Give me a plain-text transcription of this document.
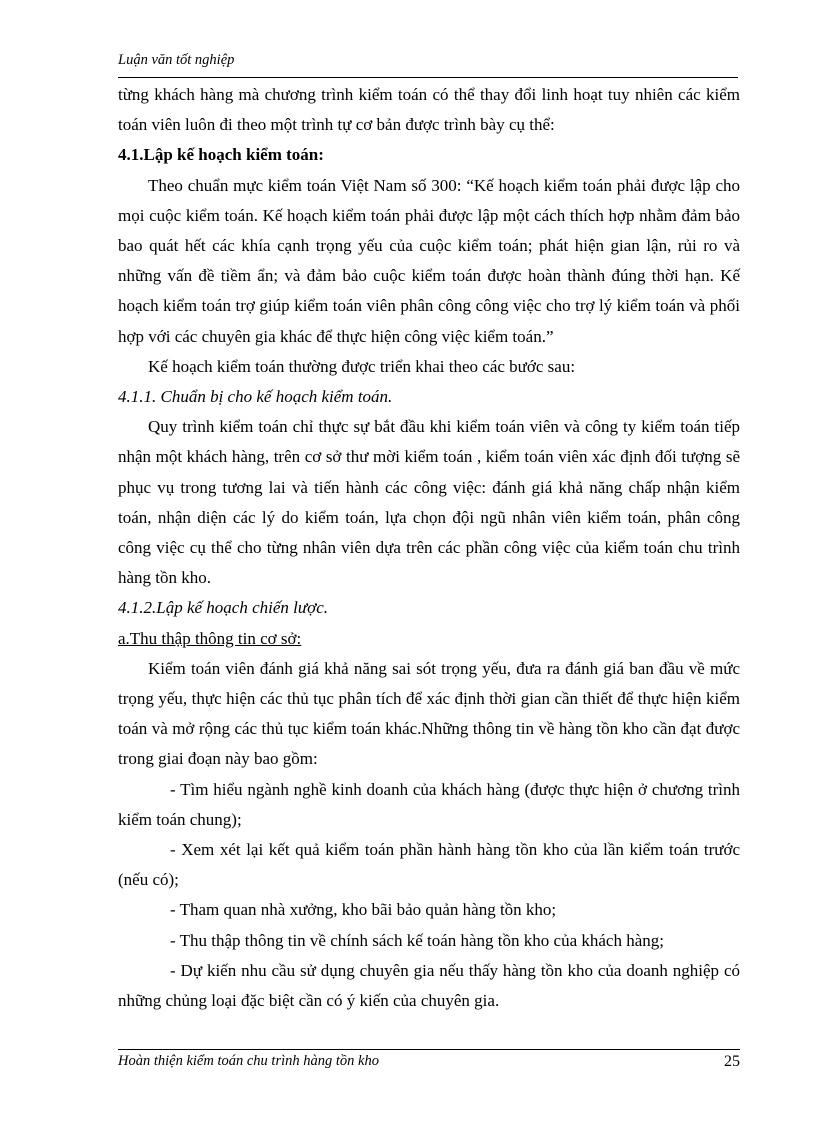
Luận văn tốt nghiệp

từng khách hàng mà chương trình kiểm toán có thể thay đổi linh hoạt tuy nhiên các kiểm toán viên luôn đi theo một trình tự cơ bản được trình bày cụ thể:

4.1.Lập kế hoạch kiểm toán:

Theo chuẩn mực kiểm toán Việt Nam số 300: “Kế hoạch kiểm toán phải được lập cho mọi cuộc kiểm toán. Kế hoạch kiểm toán phải được lập một cách thích hợp nhằm đảm bảo bao quát hết các khía cạnh trọng yếu của cuộc kiểm toán; phát hiện gian lận, rủi ro và những vấn đề tiềm ẩn; và đảm bảo cuộc kiểm toán được hoàn thành đúng thời hạn. Kế hoạch kiểm toán trợ giúp kiểm toán viên phân công công việc cho trợ lý kiểm toán và phối hợp với các chuyên gia khác để thực hiện công việc kiểm toán.”

Kế hoạch kiểm toán thường được triển khai theo các bước sau:

4.1.1. Chuẩn bị cho kế hoạch kiểm toán.

Quy trình kiểm toán chỉ thực sự bắt đầu khi kiểm toán viên và công ty kiểm toán tiếp nhận một khách hàng, trên cơ sở thư mời kiểm toán , kiểm toán viên xác định đối tượng sẽ phục vụ trong tương lai và tiến hành các công việc: đánh giá khả năng chấp nhận kiểm toán, nhận diện các lý do kiểm toán, lựa chọn đội ngũ nhân viên kiểm toán, phân công công việc cụ thể cho từng nhân viên dựa trên các phần công việc của kiểm toán chu trình hàng tồn kho.

4.1.2.Lập kế hoạch chiến lược.

a.Thu thập thông tin cơ sở:

Kiểm toán viên đánh giá khả năng sai sót trọng yếu, đưa ra đánh giá ban đầu về mức trọng yếu, thực hiện các thủ tục phân tích để xác định thời gian cần thiết để thực hiện kiểm toán và mở rộng các thủ tục kiểm toán khác.Những thông tin về hàng tồn kho cần đạt được trong giai đoạn này bao gồm:

- Tìm hiểu ngành nghề kinh doanh của khách hàng (được thực hiện ở chương trình kiểm toán chung);

- Xem xét lại kết quả kiểm toán phần hành hàng tồn kho của lần kiểm toán trước (nếu có);

- Tham quan nhà xưởng, kho bãi bảo quản hàng tồn kho;

- Thu thập thông tin về chính sách kế toán hàng tồn kho của khách hàng;

- Dự kiến nhu cầu sử dụng chuyên gia nếu thấy hàng tồn kho của doanh nghiệp có những chủng loại đặc biệt cần có ý kiến của chuyên gia.

Hoàn thiện kiểm toán chu trình hàng tồn kho	25
